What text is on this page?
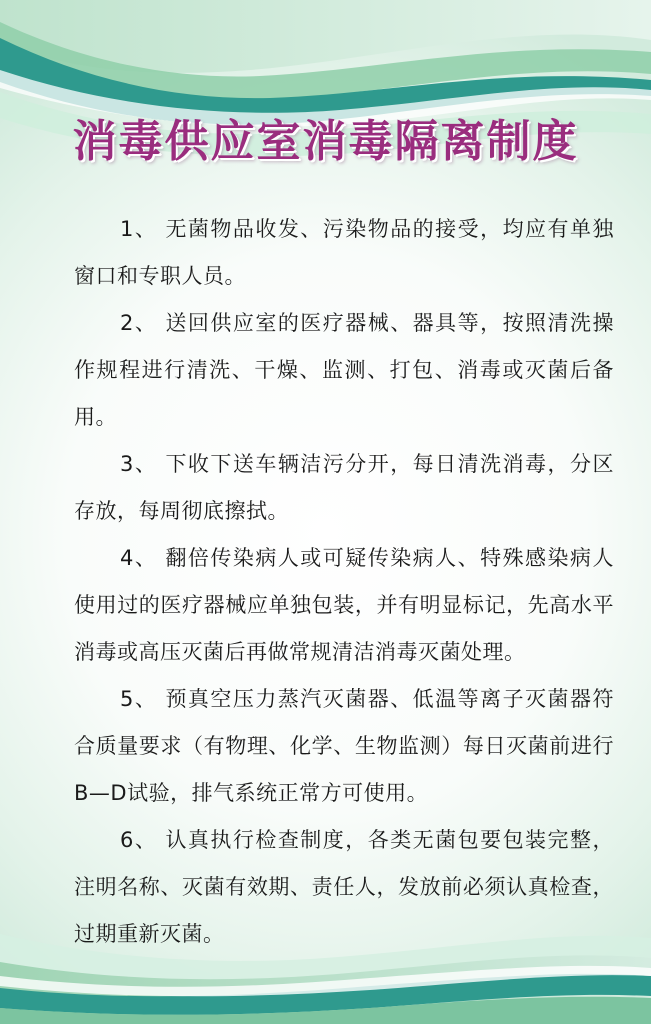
消毒供应室消毒隔离制度

1、 无菌物品收发、污染物品的接受，均应有单独窗口和专职人员。

2、 送回供应室的医疗器械、器具等，按照清洗操作规程进行清洗、干燥、监测、打包、消毒或灭菌后备用。

3、 下收下送车辆洁污分开，每日清洗消毒，分区存放，每周彻底擦拭。

4、 翻倍传染病人或可疑传染病人、特殊感染病人使用过的医疗器械应单独包装，并有明显标记，先高水平消毒或高压灭菌后再做常规清洁消毒灭菌处理。

5、 预真空压力蒸汽灭菌器、低温等离子灭菌器符合质量要求（有物理、化学、生物监测）每日灭菌前进行B—D试验，排气系统正常方可使用。

6、 认真执行检查制度，各类无菌包要包装完整，注明名称、灭菌有效期、责任人，发放前必须认真检查，过期重新灭菌。
